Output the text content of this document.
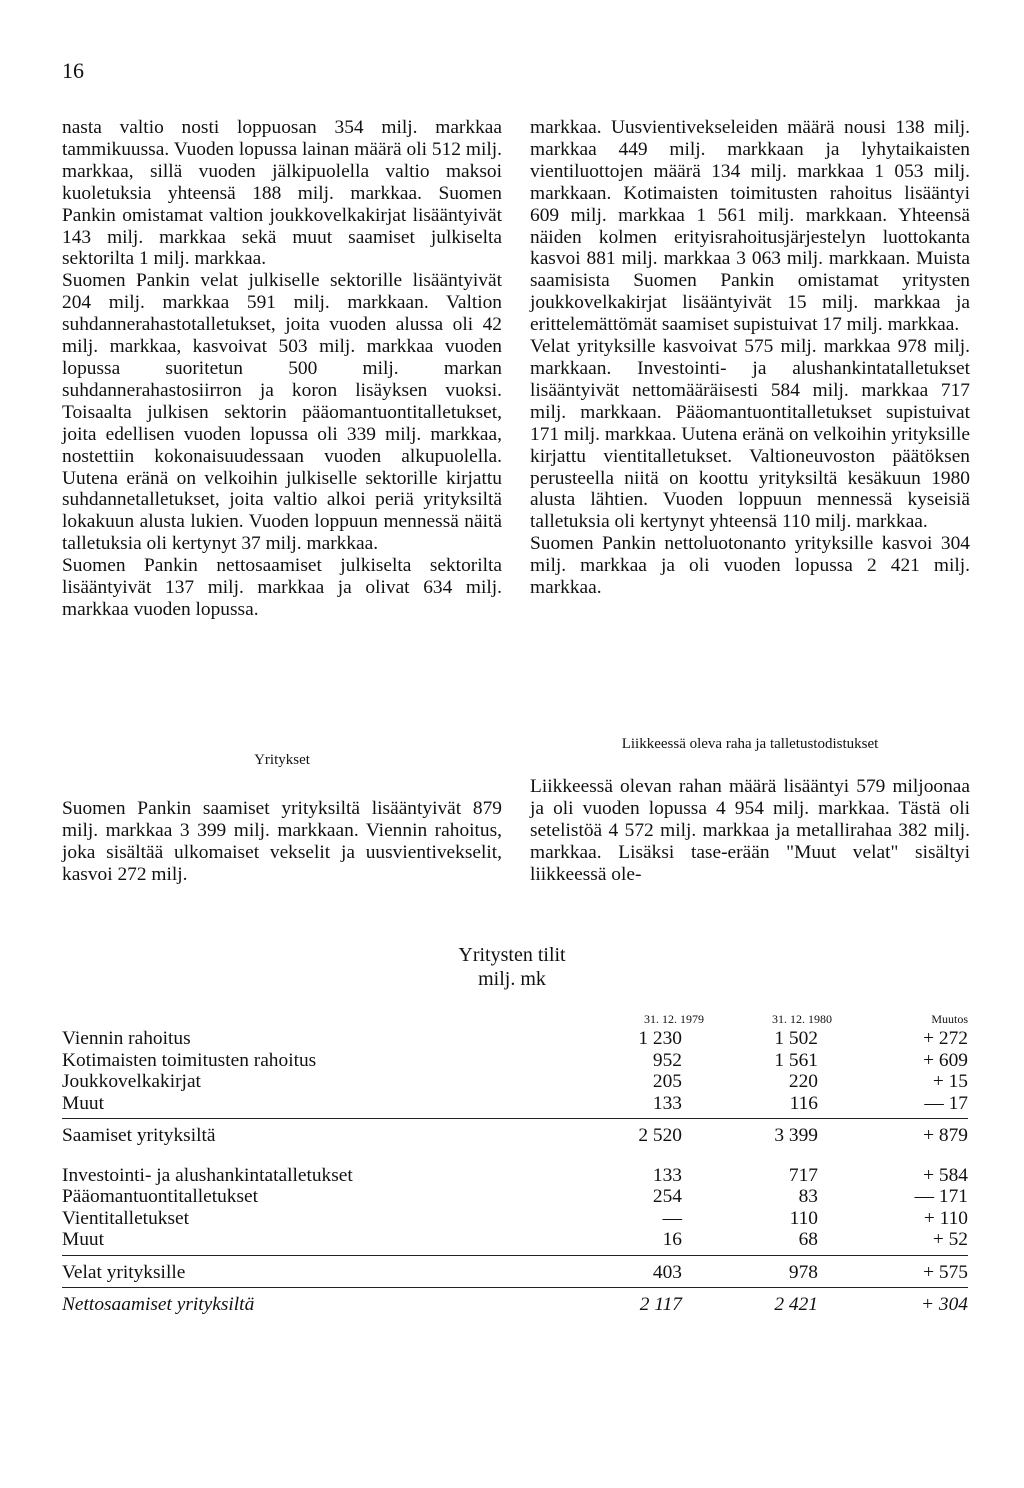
16

nasta valtio nosti loppuosan 354 milj. markkaa tammikuussa. Vuoden lopussa lainan määrä oli 512 milj. markkaa, sillä vuoden jälkipuolella valtio maksoi kuoletuksia yhteensä 188 milj. markkaa. Suomen Pankin omistamat valtion joukkovelkakirjat lisääntyivät 143 milj. markkaa sekä muut saamiset julkiselta sektorilta 1 milj. markkaa.

Suomen Pankin velat julkiselle sektorille lisääntyivät 204 milj. markkaa 591 milj. markkaan. Valtion suhdannerahastotalletukset, joita vuoden alussa oli 42 milj. markkaa, kasvoivat 503 milj. markkaa vuoden lopussa suoritetun 500 milj. markan suhdannerahastosiirron ja koron lisäyksen vuoksi. Toisaalta julkisen sektorin pääomantuontitalletukset, joita edellisen vuoden lopussa oli 339 milj. markkaa, nostettiin kokonaisuudessaan vuoden alkupuolella. Uutena eränä on velkoihin julkiselle sektorille kirjattu suhdannetalletukset, joita valtio alkoi periä yrityksiltä lokakuun alusta lukien. Vuoden loppuun mennessä näitä talletuksia oli kertynyt 37 milj. markkaa.

Suomen Pankin nettosaamiset julkiselta sektorilta lisääntyivät 137 milj. markkaa ja olivat 634 milj. markkaa vuoden lopussa.

Yritykset

Suomen Pankin saamiset yrityksiltä lisääntyivät 879 milj. markkaa 3 399 milj. markkaan. Viennin rahoitus, joka sisältää ulkomaiset vekselit ja uusvientivekselit, kasvoi 272 milj.

markkaa. Uusvientivekseleiden määrä nousi 138 milj. markkaa 449 milj. markkaan ja lyhytaikaisten vientiluottojen määrä 134 milj. markkaa 1 053 milj. markkaan. Kotimaisten toimitusten rahoitus lisääntyi 609 milj. markkaa 1 561 milj. markkaan. Yhteensä näiden kolmen erityisrahoitusjärjestelyn luottokanta kasvoi 881 milj. markkaa 3 063 milj. markkaan. Muista saamisista Suomen Pankin omistamat yritysten joukkovelkakirjat lisääntyivät 15 milj. markkaa ja erittelemättömät saamiset supistuivat 17 milj. markkaa.

Velat yrityksille kasvoivat 575 milj. markkaa 978 milj. markkaan. Investointi- ja alushankintatalletukset lisääntyivät nettomääräisesti 584 milj. markkaa 717 milj. markkaan. Pääomantuontitalletukset supistuivat 171 milj. markkaa. Uutena eränä on velkoihin yrityksille kirjattu vientitalletukset. Valtioneuvoston päätöksen perusteella niitä on koottu yrityksiltä kesäkuun 1980 alusta lähtien. Vuoden loppuun mennessä kyseisiä talletuksia oli kertynyt yhteensä 110 milj. markkaa.

Suomen Pankin nettoluotonanto yrityksille kasvoi 304 milj. markkaa ja oli vuoden lopussa 2 421 milj. markkaa.

Liikkeessä oleva raha ja talletustodistukset

Liikkeessä olevan rahan määrä lisääntyi 579 miljoonaa ja oli vuoden lopussa 4 954 milj. markkaa. Tästä oli setelistöä 4 572 milj. markkaa ja metallirahaa 382 milj. markkaa. Lisäksi tase-erään "Muut velat" sisältyi liikkeessä ole-

Yritysten tilit
milj. mk
31. 12. 1979	31. 12. 1980	Muutos
Viennin rahoitus . . .	1 230	1 502	+ 272
Kotimaisten toimitusten rahoitus . . .	952	1 561	+ 609
Joukkovelkakirjat . . .	205	220	+ 15
Muut . . .	133	116	— 17
Saamiset yrityksiltä . . .	2 520	3 399	+ 879
Investointi- ja alushankintatalletukset . . .	133	717	+ 584
Pääomantuontitalletukset . . .	254	83	— 171
Vientitalletukset . . .	—	110	+ 110
Muut . . .	16	68	+ 52
Velat yrityksille . . .	403	978	+ 575
Nettosaamiset yrityksiltä	2 117	2 421	+ 304
